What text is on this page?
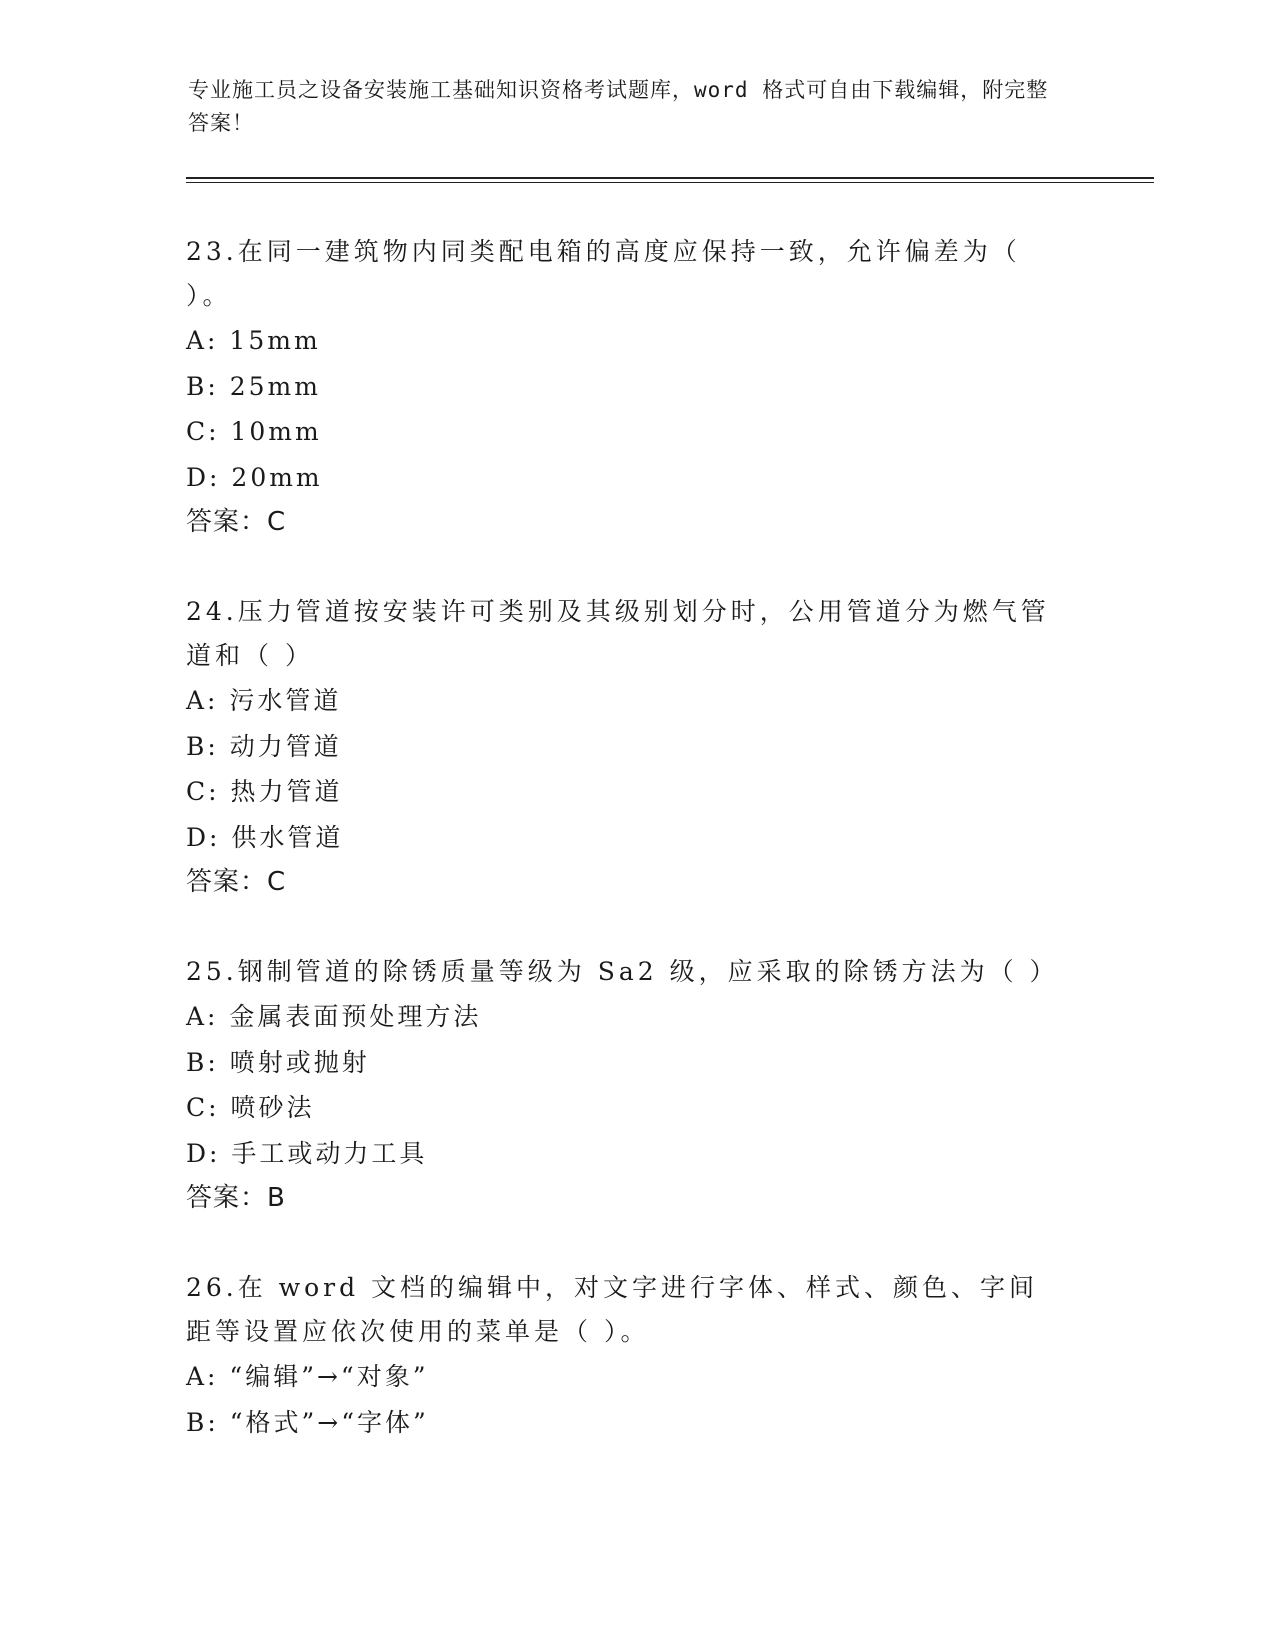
专业施工员之设备安装施工基础知识资格考试题库，word 格式可自由下载编辑，附完整答案！

23.在同一建筑物内同类配电箱的高度应保持一致，允许偏差为（ ）。

A: 15mm

B: 25mm

C: 10mm

D: 20mm

答案：C

24.压力管道按安装许可类别及其级别划分时，公用管道分为燃气管道和（ ）

A: 污水管道

B: 动力管道

C: 热力管道

D: 供水管道

答案：C

25.钢制管道的除锈质量等级为 Sa2 级，应采取的除锈方法为（ ）

A: 金属表面预处理方法

B: 喷射或抛射

C: 喷砂法

D: 手工或动力工具

答案：B

26.在 word 文档的编辑中，对文字进行字体、样式、颜色、字间距等设置应依次使用的菜单是（ ）。

A: “编辑”→“对象”

B: “格式”→“字体”
